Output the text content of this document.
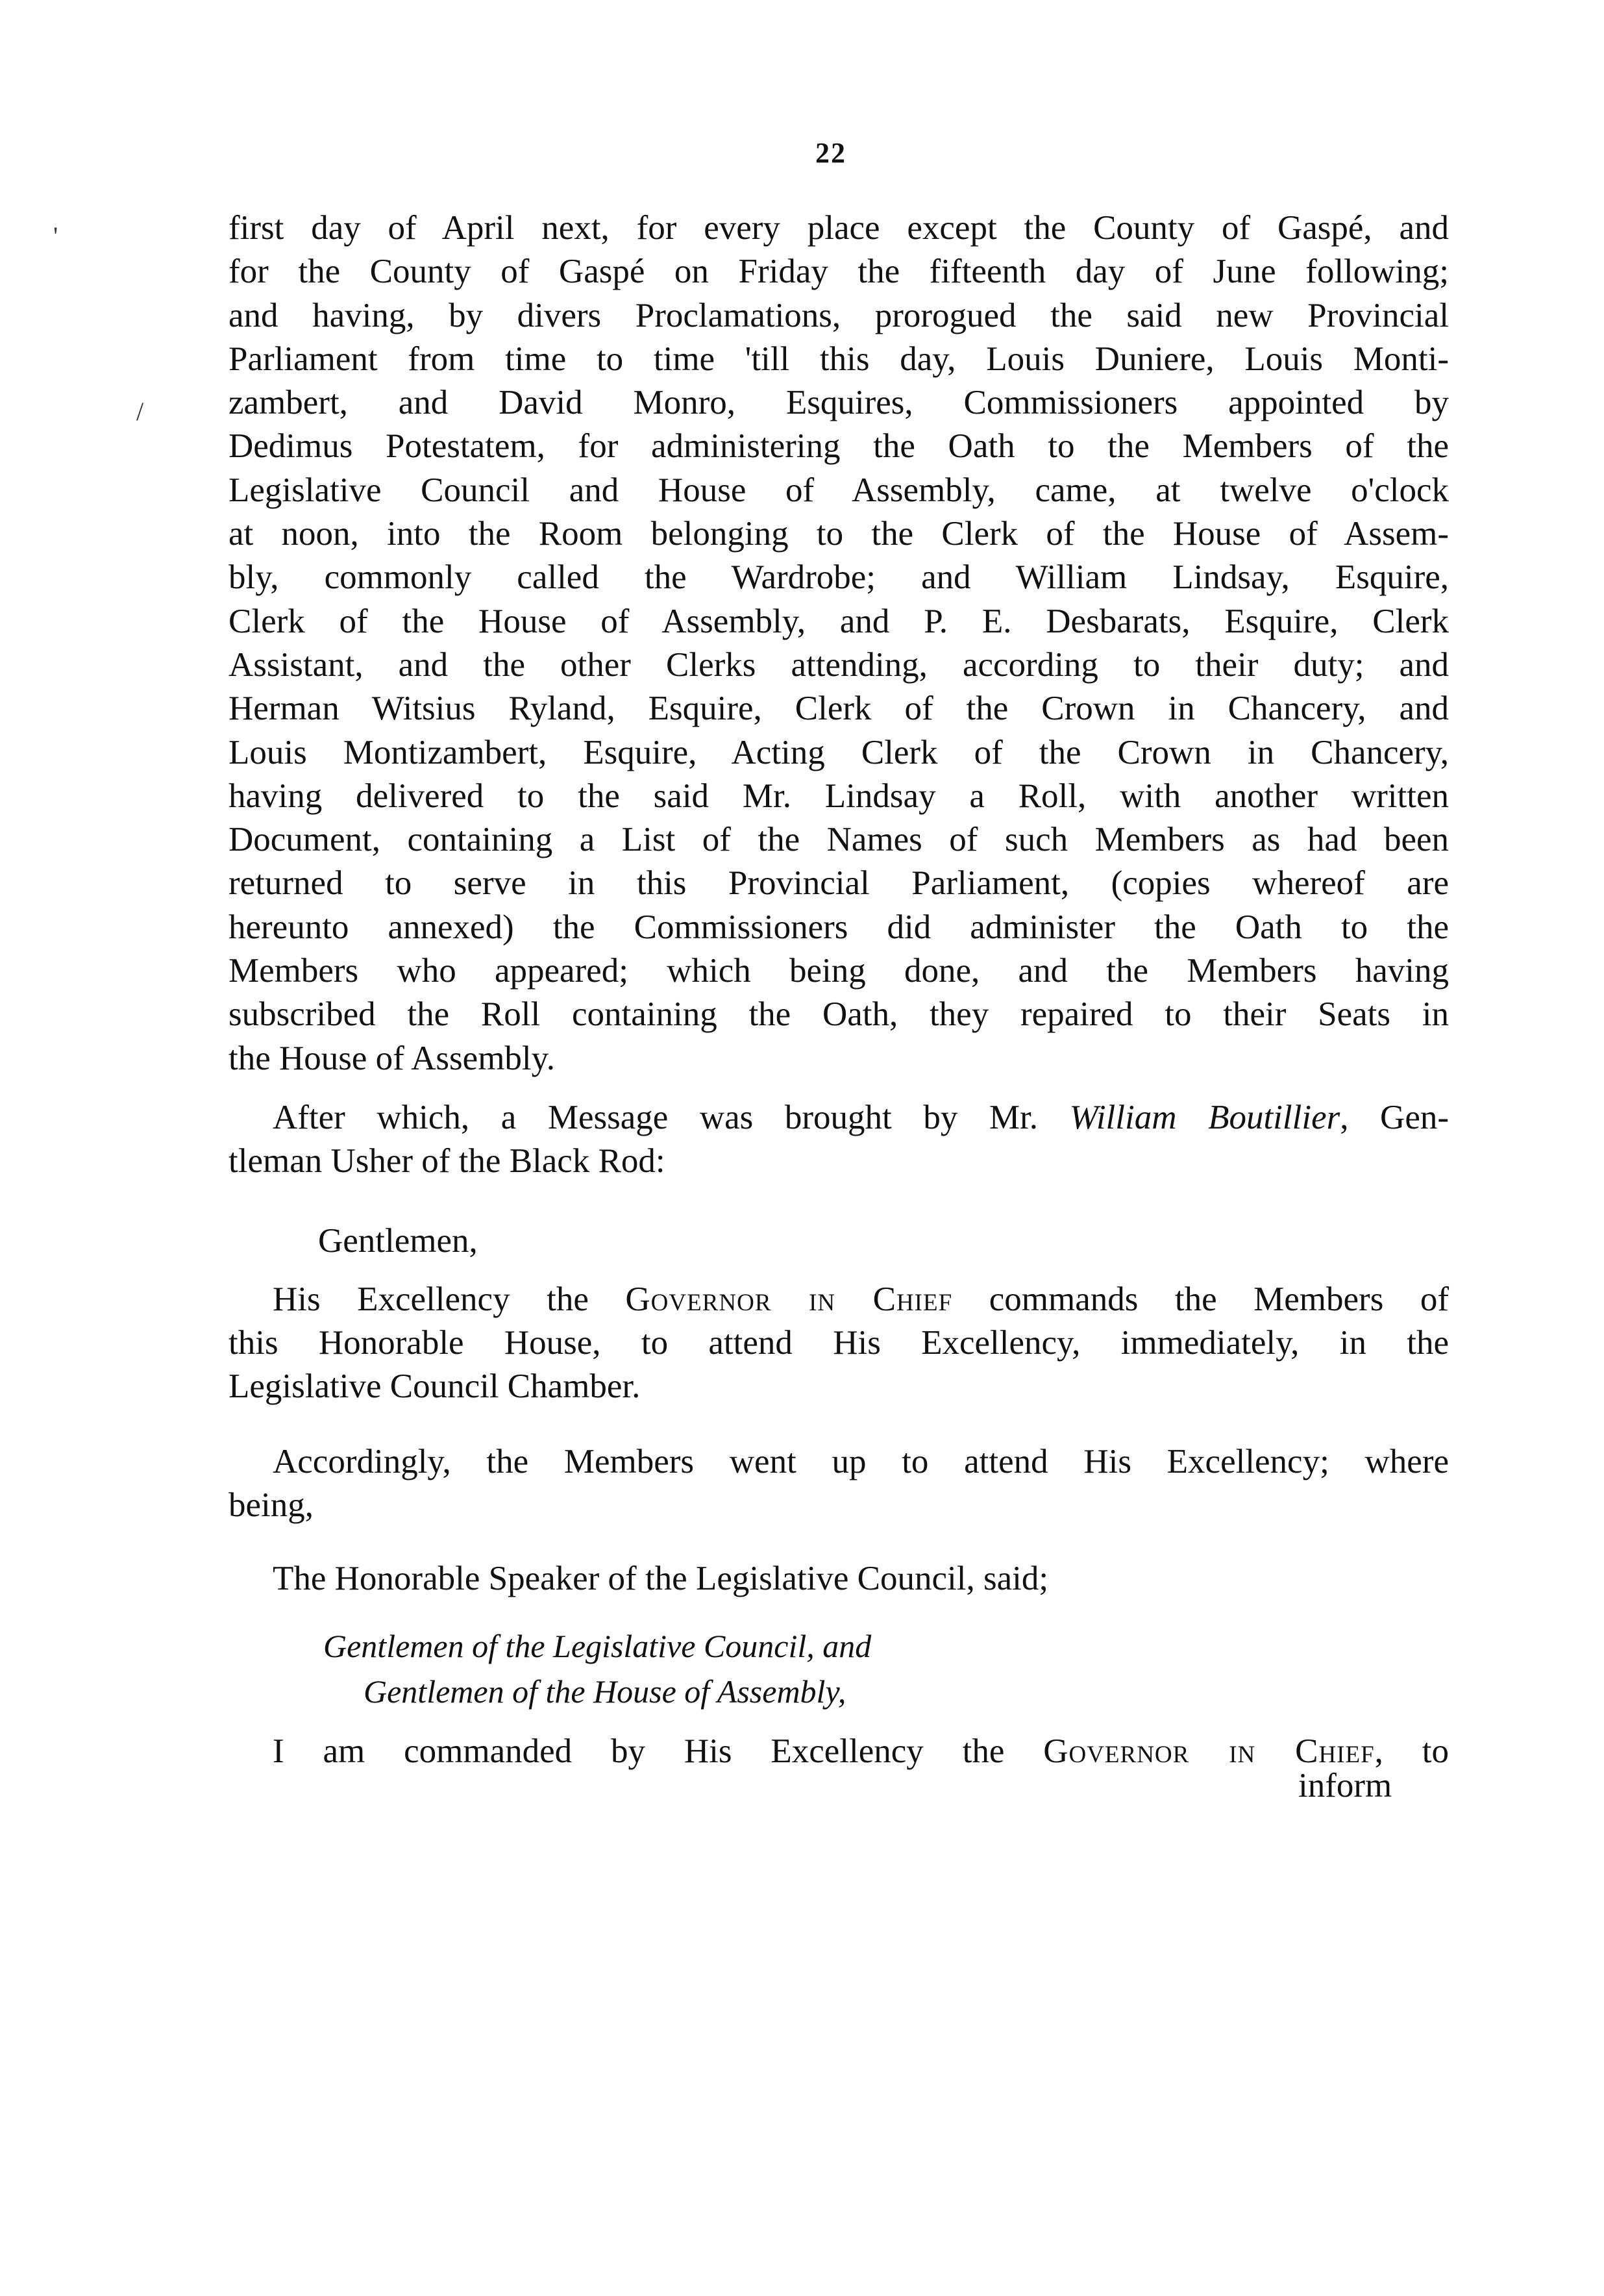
22
'
/
first day of April next, for every place except the County of Gaspé, and
for the County of Gaspé on Friday the fifteenth day of June following;
and having, by divers Proclamations, prorogued the said new Provincial
Parliament from time to time 'till this day, Louis Duniere, Louis Monti-
zambert, and David Monro, Esquires, Commissioners appointed by
Dedimus Potestatem, for administering the Oath to the Members of the
Legislative Council and House of Assembly, came, at twelve o'clock
at noon, into the Room belonging to the Clerk of the House of Assem-
bly, commonly called the Wardrobe; and William Lindsay, Esquire,
Clerk of the House of Assembly, and P. E. Desbarats, Esquire, Clerk
Assistant, and the other Clerks attending, according to their duty; and
Herman Witsius Ryland, Esquire, Clerk of the Crown in Chancery, and
Louis Montizambert, Esquire, Acting Clerk of the Crown in Chancery,
having delivered to the said Mr. Lindsay a Roll, with another written
Document, containing a List of the Names of such Members as had been
returned to serve in this Provincial Parliament, (copies whereof are
hereunto annexed) the Commissioners did administer the Oath to the
Members who appeared; which being done, and the Members having
subscribed the Roll containing the Oath, they repaired to their Seats in
the House of Assembly.
After which, a Message was brought by Mr. William Boutillier, Gen-
tleman Usher of the Black Rod:
Gentlemen,
His Excellency the Governor in Chief commands the Members of
this Honorable House, to attend His Excellency, immediately, in the
Legislative Council Chamber.
Accordingly, the Members went up to attend His Excellency; where
being,
The Honorable Speaker of the Legislative Council, said;
Gentlemen of the Legislative Council, and
Gentlemen of the House of Assembly,
I am commanded by His Excellency the Governor in Chief, to
inform
